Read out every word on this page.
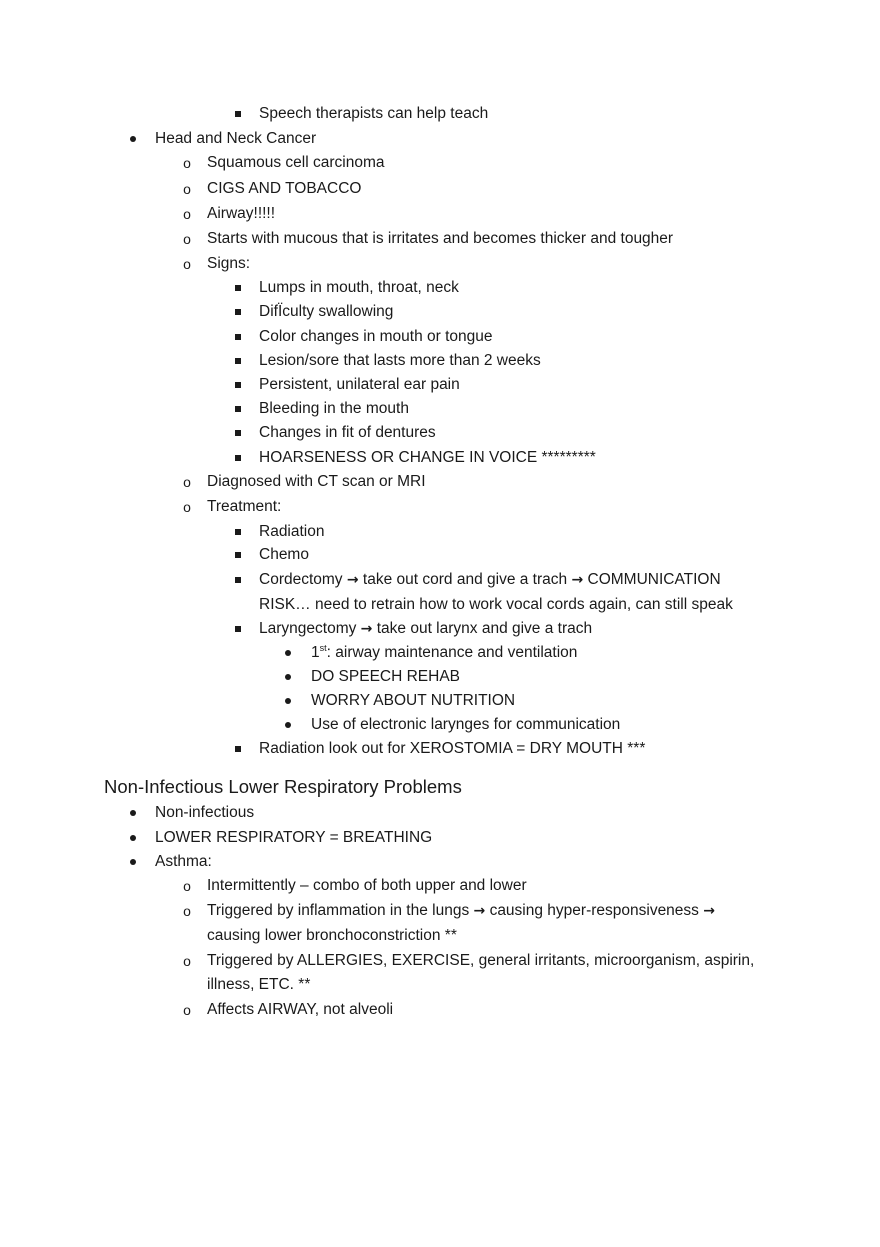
Speech therapists can help teach
Head and Neck Cancer
o
Squamous cell carcinoma
o
CIGS AND TOBACCO
o
Airway!!!!!
o
Starts with mucous that is irritates and becomes thicker and tougher
o
Signs:
Lumps in mouth, throat, neck
DifÏculty swallowing
Color changes in mouth or tongue
Lesion/sore that lasts more than 2 weeks
Persistent, unilateral ear pain
Bleeding in the mouth
Changes in fit of dentures
HOARSENESS OR CHANGE IN VOICE *********
o
Diagnosed with CT scan or MRI
o
Treatment:
Radiation
Chemo
Cordectomy → take out cord and give a trach → COMMUNICATION
RISK… need to retrain how to work vocal cords again, can still speak
Laryngectomy → take out larynx and give a trach
1st: airway maintenance and ventilation
DO SPEECH REHAB
WORRY ABOUT NUTRITION
Use of electronic larynges for communication
Radiation look out for XEROSTOMIA = DRY MOUTH ***
Non-Infectious Lower Respiratory Problems
Non-infectious
LOWER RESPIRATORY = BREATHING
Asthma:
o
Intermittently – combo of both upper and lower
o
Triggered by inflammation in the lungs → causing hyper-responsiveness →
causing lower bronchoconstriction **
o
Triggered by ALLERGIES, EXERCISE, general irritants, microorganism, aspirin,
illness, ETC. **
o
Affects AIRWAY, not alveoli
